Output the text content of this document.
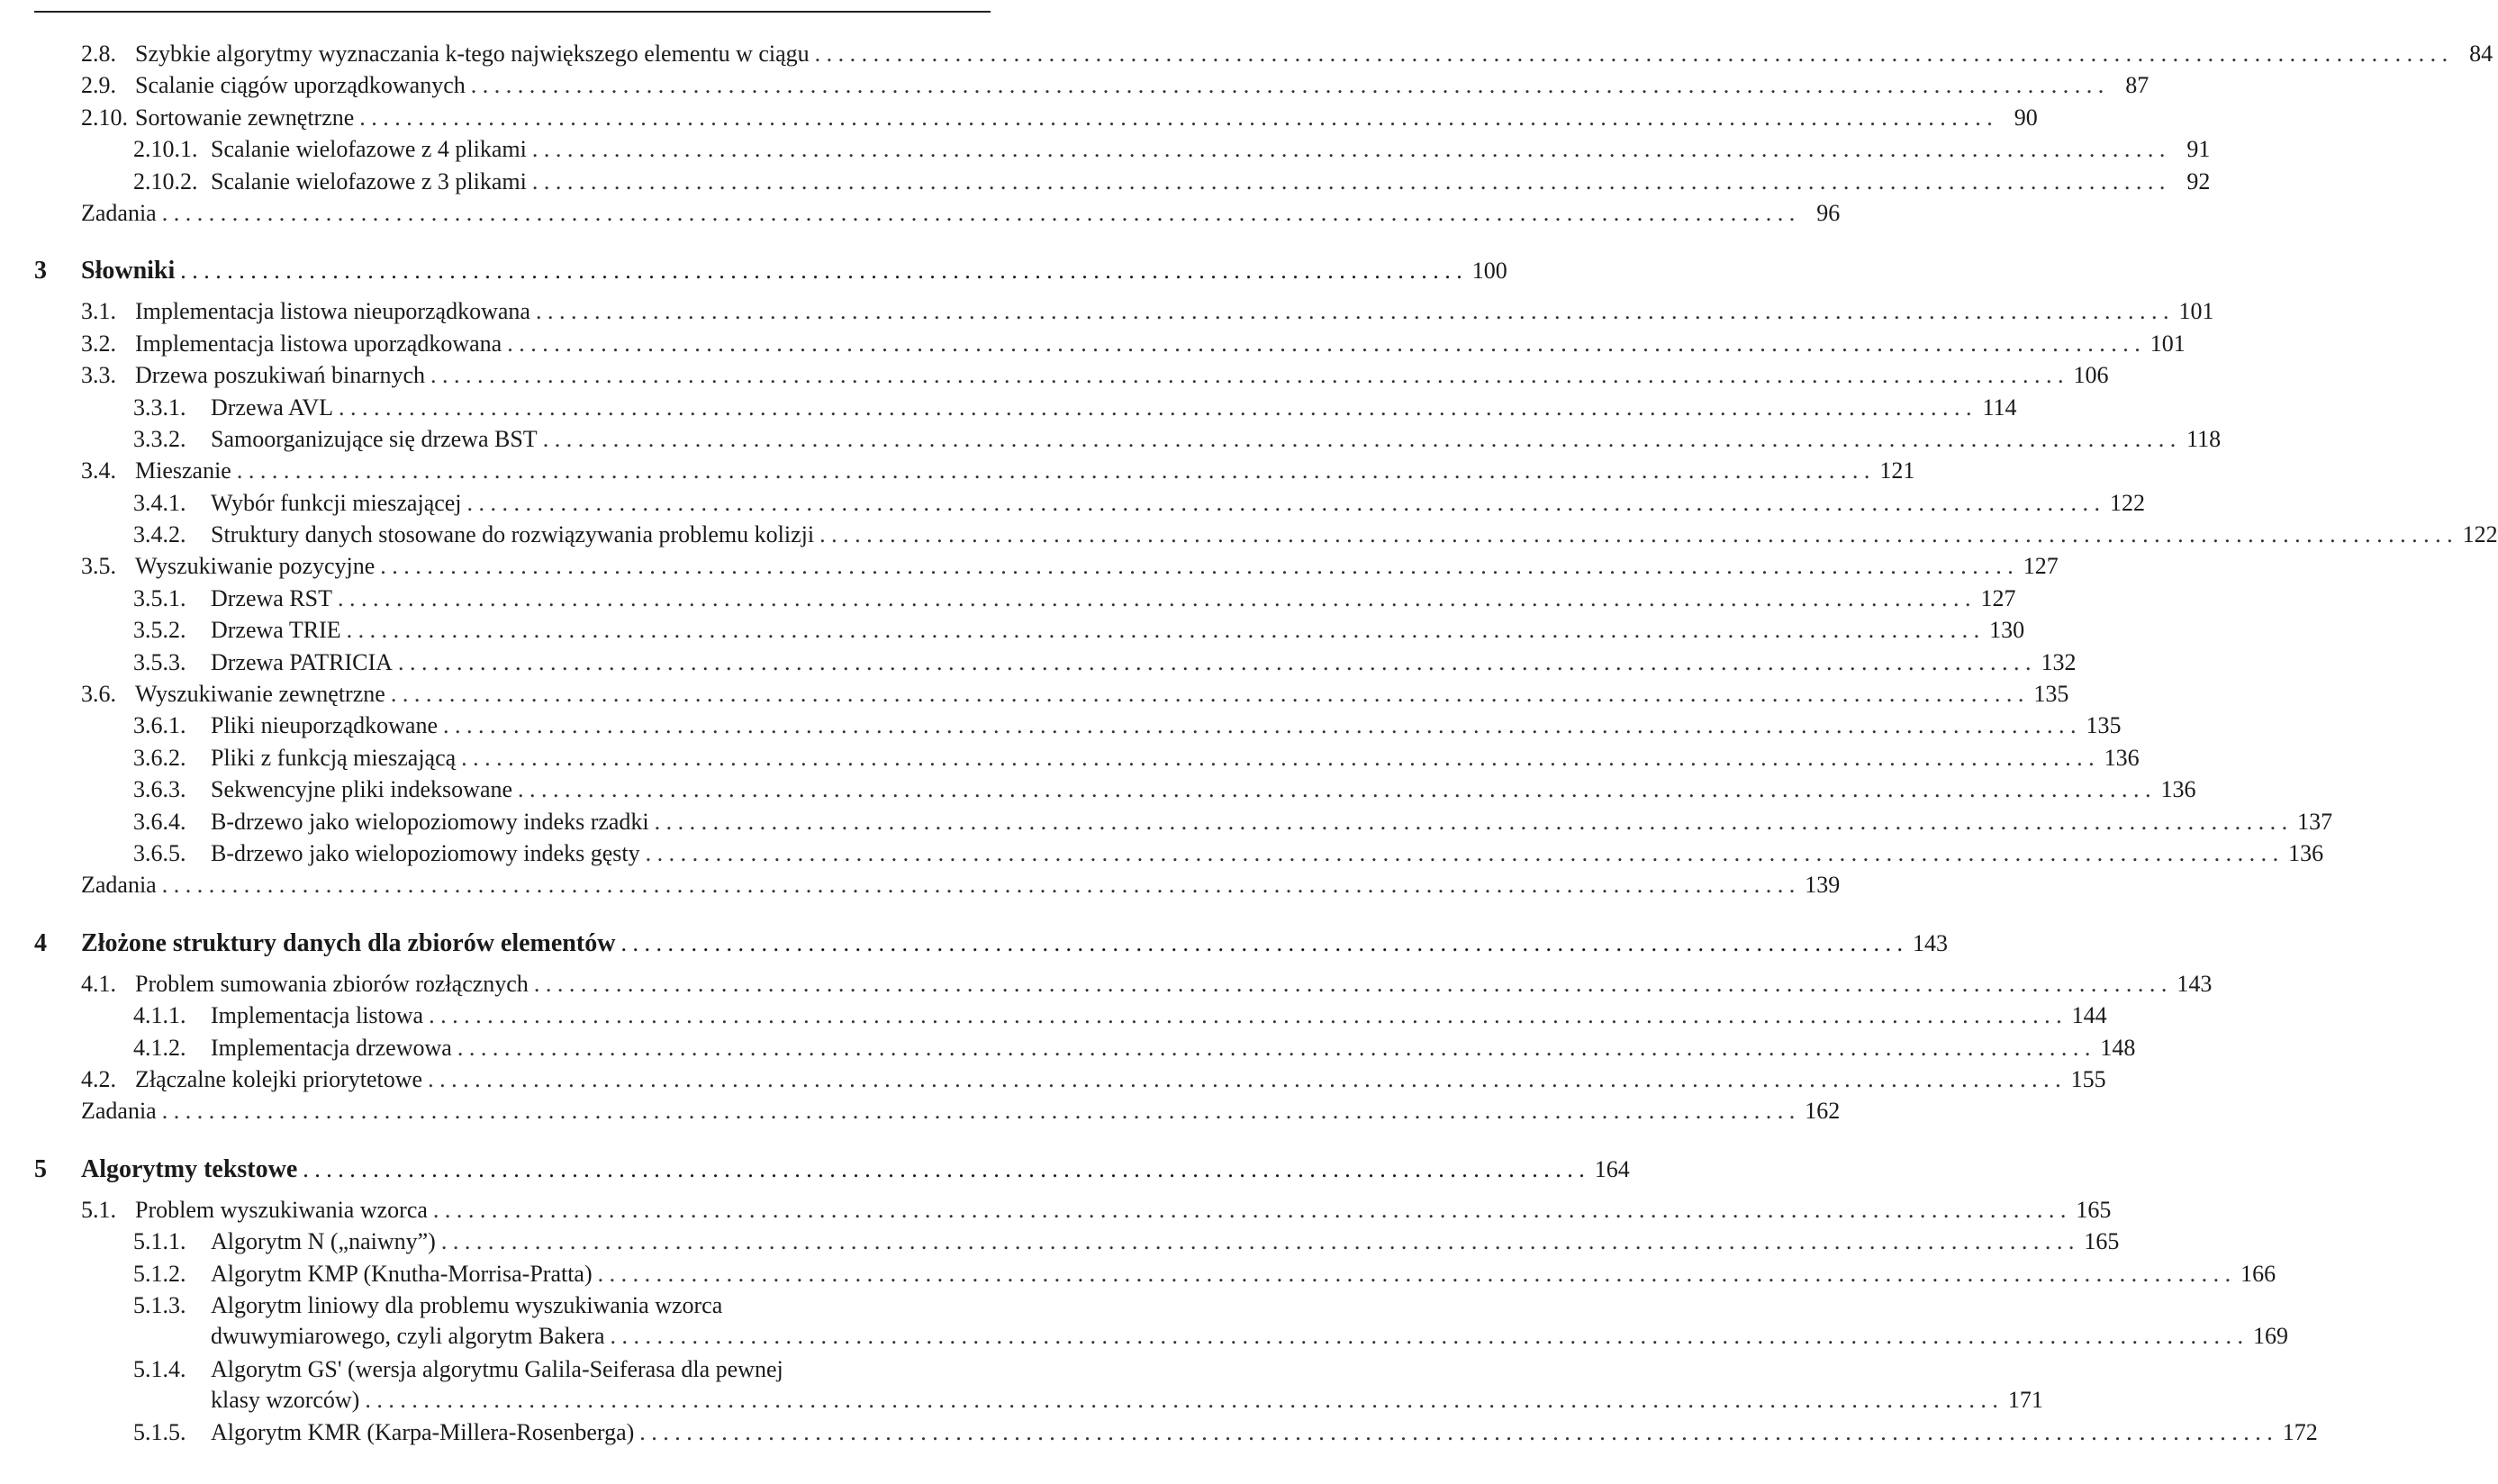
2.8. Szybkie algorytmy wyznaczania k-tego największego elementu w ciągu . . .	84
2.9. Scalanie ciągów uporządkowanych . . .	87
2.10. Sortowanie zewnętrzne . . .	90
2.10.1. Scalanie wielofazowe z 4 plikami . . .	91
2.10.2. Scalanie wielofazowe z 3 plikami . . .	92
Zadania . . .	96
3	Słowniki . . .	100
3.1. Implementacja listowa nieuporządkowana . . .	101
3.2. Implementacja listowa uporządkowana . . .	101
3.3. Drzewa poszukiwań binarnych . . .	106
3.3.1.	Drzewa AVL . . .	114
3.3.2.	Samoorganizujące się drzewa BST . . .	118
3.4. Mieszanie . . .	121
3.4.1.	Wybór funkcji mieszającej . . .	122
3.4.2.	Struktury danych stosowane do rozwiązywania problemu kolizji . . .	122
3.5. Wyszukiwanie pozycyjne . . .	127
3.5.1.	Drzewa RST . . .	127
3.5.2.	Drzewa TRIE . . .	130
3.5.3.	Drzewa PATRICIA . . .	132
3.6. Wyszukiwanie zewnętrzne . . .	135
3.6.1.	Pliki nieuporządkowane . . .	135
3.6.2.	Pliki z funkcją mieszającą . . .	136
3.6.3.	Sekwencyjne pliki indeksowane . . .	136
3.6.4.	B-drzewo jako wielopoziomowy indeks rzadki . . .	137
3.6.5.	B-drzewo jako wielopoziomowy indeks gęsty . . .	136
Zadania . . .	139
4	Złożone struktury danych dla zbiorów elementów . . .	143
4.1. Problem sumowania zbiorów rozłącznych . . .	143
4.1.1.	Implementacja listowa . . .	144
4.1.2.	Implementacja drzewowa . . .	148
4.2. Złączalne kolejki priorytetowe . . .	155
Zadania . . .	162
5	Algorytmy tekstowe . . .	164
5.1. Problem wyszukiwania wzorca . . .	165
5.1.1.	Algorytm N („naiwny”) . . .	165
5.1.2.	Algorytm KMP (Knutha-Morrisa-Pratta) . . .	166
5.1.3.	Algorytm liniowy dla problemu wyszukiwania wzorca
dwuwymiarowego, czyli algorytm Bakera . . .	169
5.1.4.	Algorytm GS' (wersja algorytmu Galila-Seiferasa dla pewnej
klasy wzorców) . . .	171
5.1.5.	Algorytm KMR (Karpa-Millera-Rosenberga) . . .	172
